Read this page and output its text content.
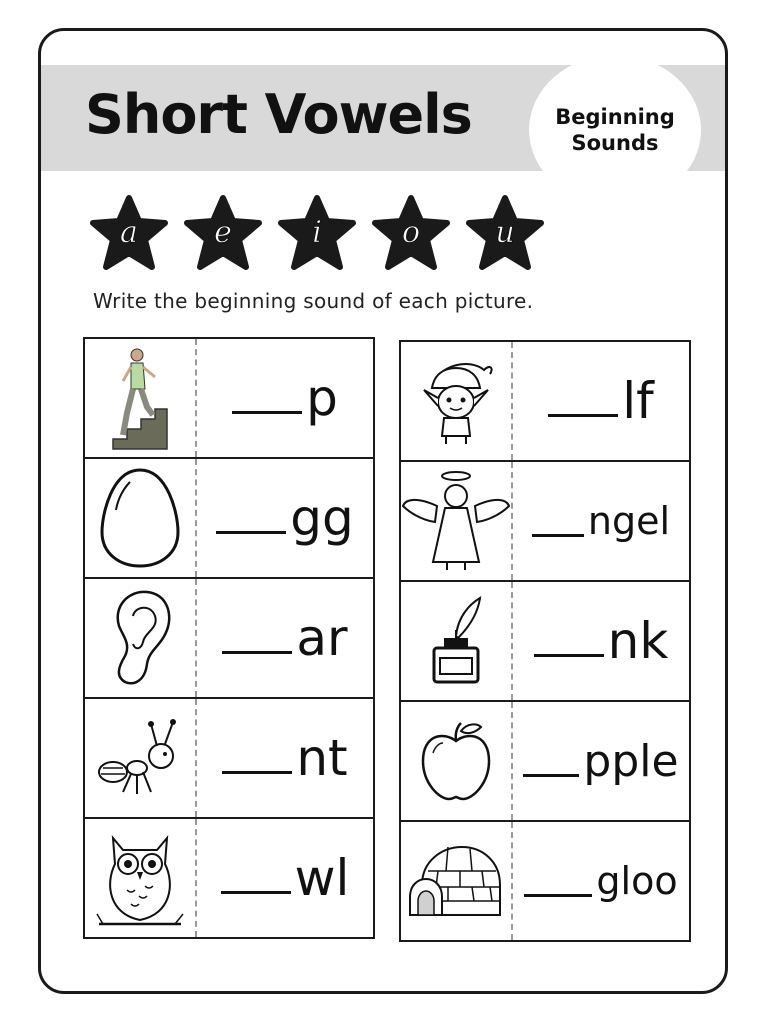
Short Vowels	Beginning
Sounds
a	e	i	o	u
Write the beginning sound of each picture.
p
gg
ar
nt
wl
lf
ngel
nk
pple
gloo
